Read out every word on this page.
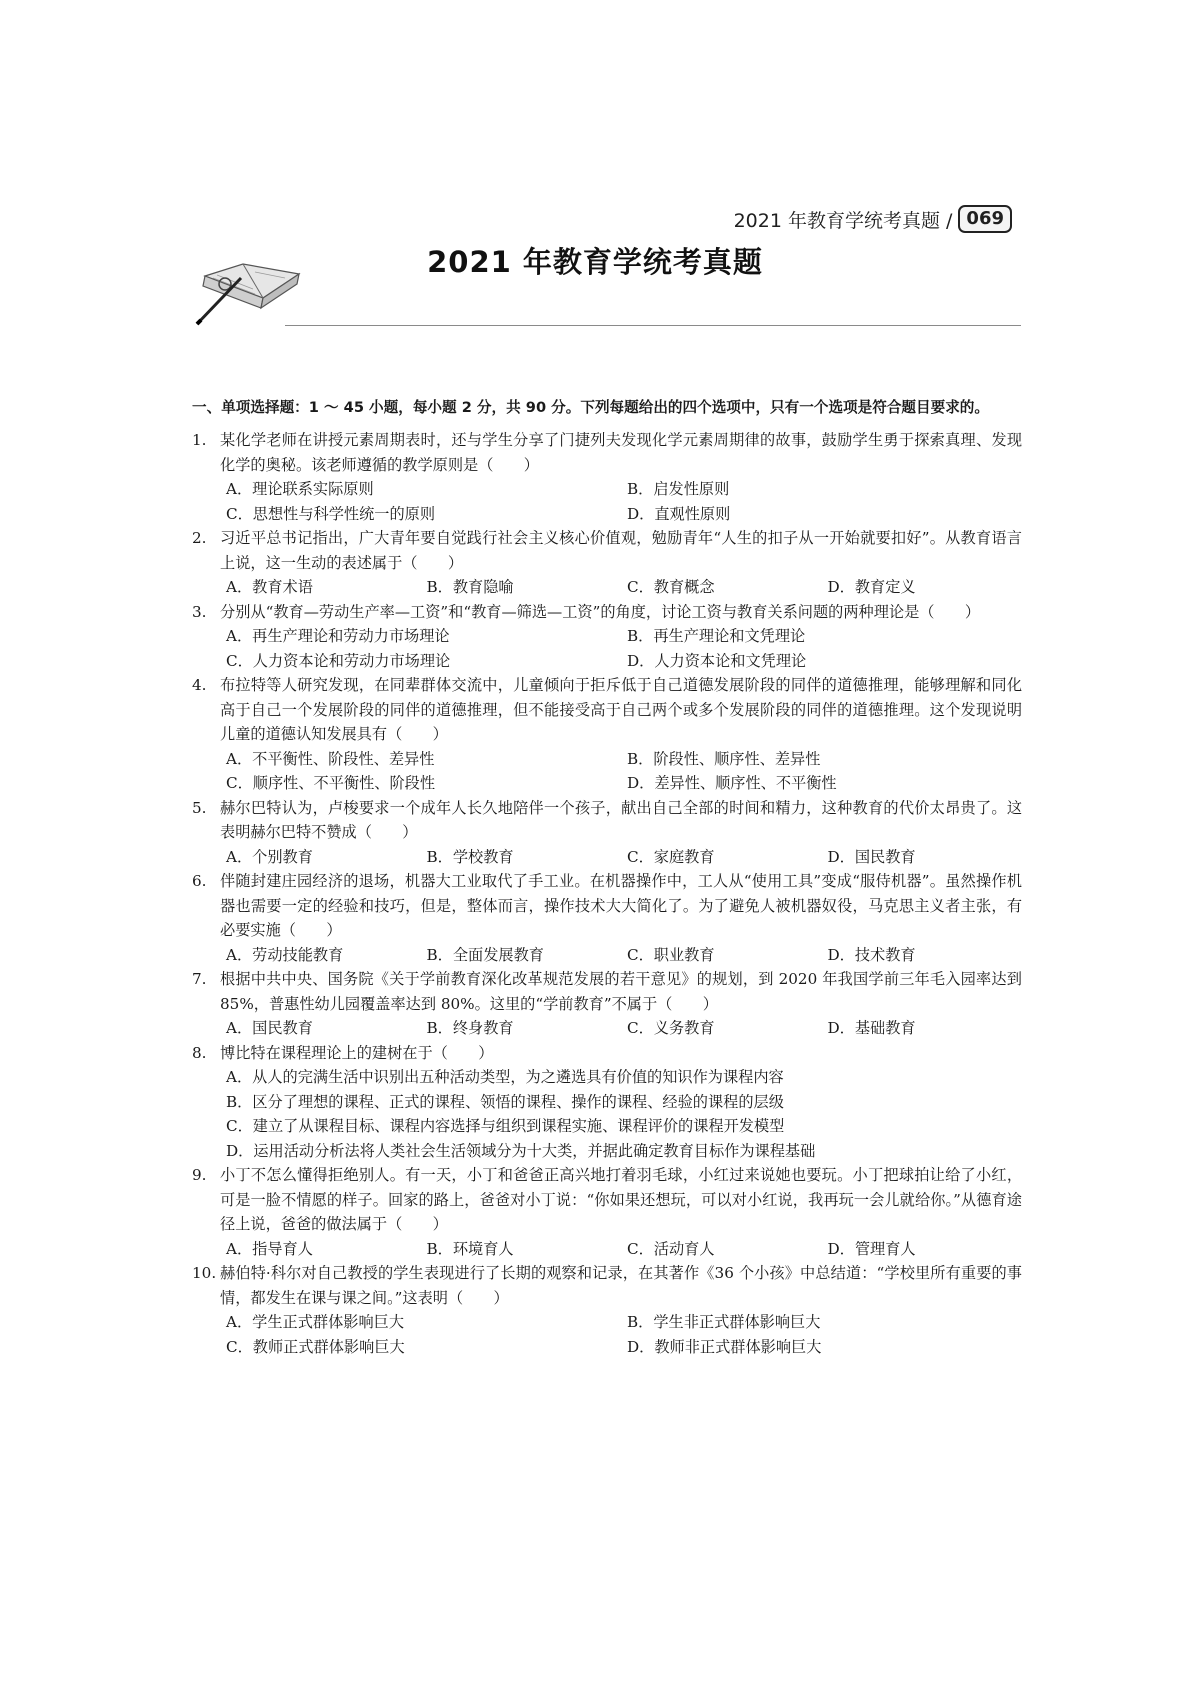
2021 年教育学统考真题 / 069
2021 年教育学统考真题
一、单项选择题：1 ～ 45 小题，每小题 2 分，共 90 分。下列每题给出的四个选项中，只有一个选项是符合题目要求的。
1. 某化学老师在讲授元素周期表时，还与学生分享了门捷列夫发现化学元素周期律的故事，鼓励学生勇于探索真理、发现化学的奥秘。该老师遵循的教学原则是（　　）
A．理论联系实际原则	B．启发性原则
C．思想性与科学性统一的原则	D．直观性原则
2. 习近平总书记指出，广大青年要自觉践行社会主义核心价值观，勉励青年“人生的扣子从一开始就要扣好”。从教育语言上说，这一生动的表述属于（　　）
A．教育术语	B．教育隐喻	C．教育概念	D．教育定义
3. 分别从“教育—劳动生产率—工资”和“教育—筛选—工资”的角度，讨论工资与教育关系问题的两种理论是（　　）
A．再生产理论和劳动力市场理论	B．再生产理论和文凭理论
C．人力资本论和劳动力市场理论	D．人力资本论和文凭理论
4. 布拉特等人研究发现，在同辈群体交流中，儿童倾向于拒斥低于自己道德发展阶段的同伴的道德推理，能够理解和同化高于自己一个发展阶段的同伴的道德推理，但不能接受高于自己两个或多个发展阶段的同伴的道德推理。这个发现说明儿童的道德认知发展具有（　　）
A．不平衡性、阶段性、差异性	B．阶段性、顺序性、差异性
C．顺序性、不平衡性、阶段性	D．差异性、顺序性、不平衡性
5. 赫尔巴特认为，卢梭要求一个成年人长久地陪伴一个孩子，献出自己全部的时间和精力，这种教育的代价太昂贵了。这表明赫尔巴特不赞成（　　）
A．个别教育	B．学校教育	C．家庭教育	D．国民教育
6. 伴随封建庄园经济的退场，机器大工业取代了手工业。在机器操作中，工人从“使用工具”变成“服侍机器”。虽然操作机器也需要一定的经验和技巧，但是，整体而言，操作技术大大简化了。为了避免人被机器奴役，马克思主义者主张，有必要实施（　　）
A．劳动技能教育	B．全面发展教育	C．职业教育	D．技术教育
7. 根据中共中央、国务院《关于学前教育深化改革规范发展的若干意见》的规划，到 2020 年我国学前三年毛入园率达到 85%，普惠性幼儿园覆盖率达到 80%。这里的“学前教育”不属于（　　）
A．国民教育	B．终身教育	C．义务教育	D．基础教育
8. 博比特在课程理论上的建树在于（　　）
A．从人的完满生活中识别出五种活动类型，为之遴选具有价值的知识作为课程内容
B．区分了理想的课程、正式的课程、领悟的课程、操作的课程、经验的课程的层级
C．建立了从课程目标、课程内容选择与组织到课程实施、课程评价的课程开发模型
D．运用活动分析法将人类社会生活领域分为十大类，并据此确定教育目标作为课程基础
9. 小丁不怎么懂得拒绝别人。有一天，小丁和爸爸正高兴地打着羽毛球，小红过来说她也要玩。小丁把球拍让给了小红，可是一脸不情愿的样子。回家的路上，爸爸对小丁说：“你如果还想玩，可以对小红说，我再玩一会儿就给你。”从德育途径上说，爸爸的做法属于（　　）
A．指导育人	B．环境育人	C．活动育人	D．管理育人
10. 赫伯特·科尔对自己教授的学生表现进行了长期的观察和记录，在其著作《36 个小孩》中总结道：“学校里所有重要的事情，都发生在课与课之间。”这表明（　　）
A．学生正式群体影响巨大	B．学生非正式群体影响巨大
C．教师正式群体影响巨大	D．教师非正式群体影响巨大
